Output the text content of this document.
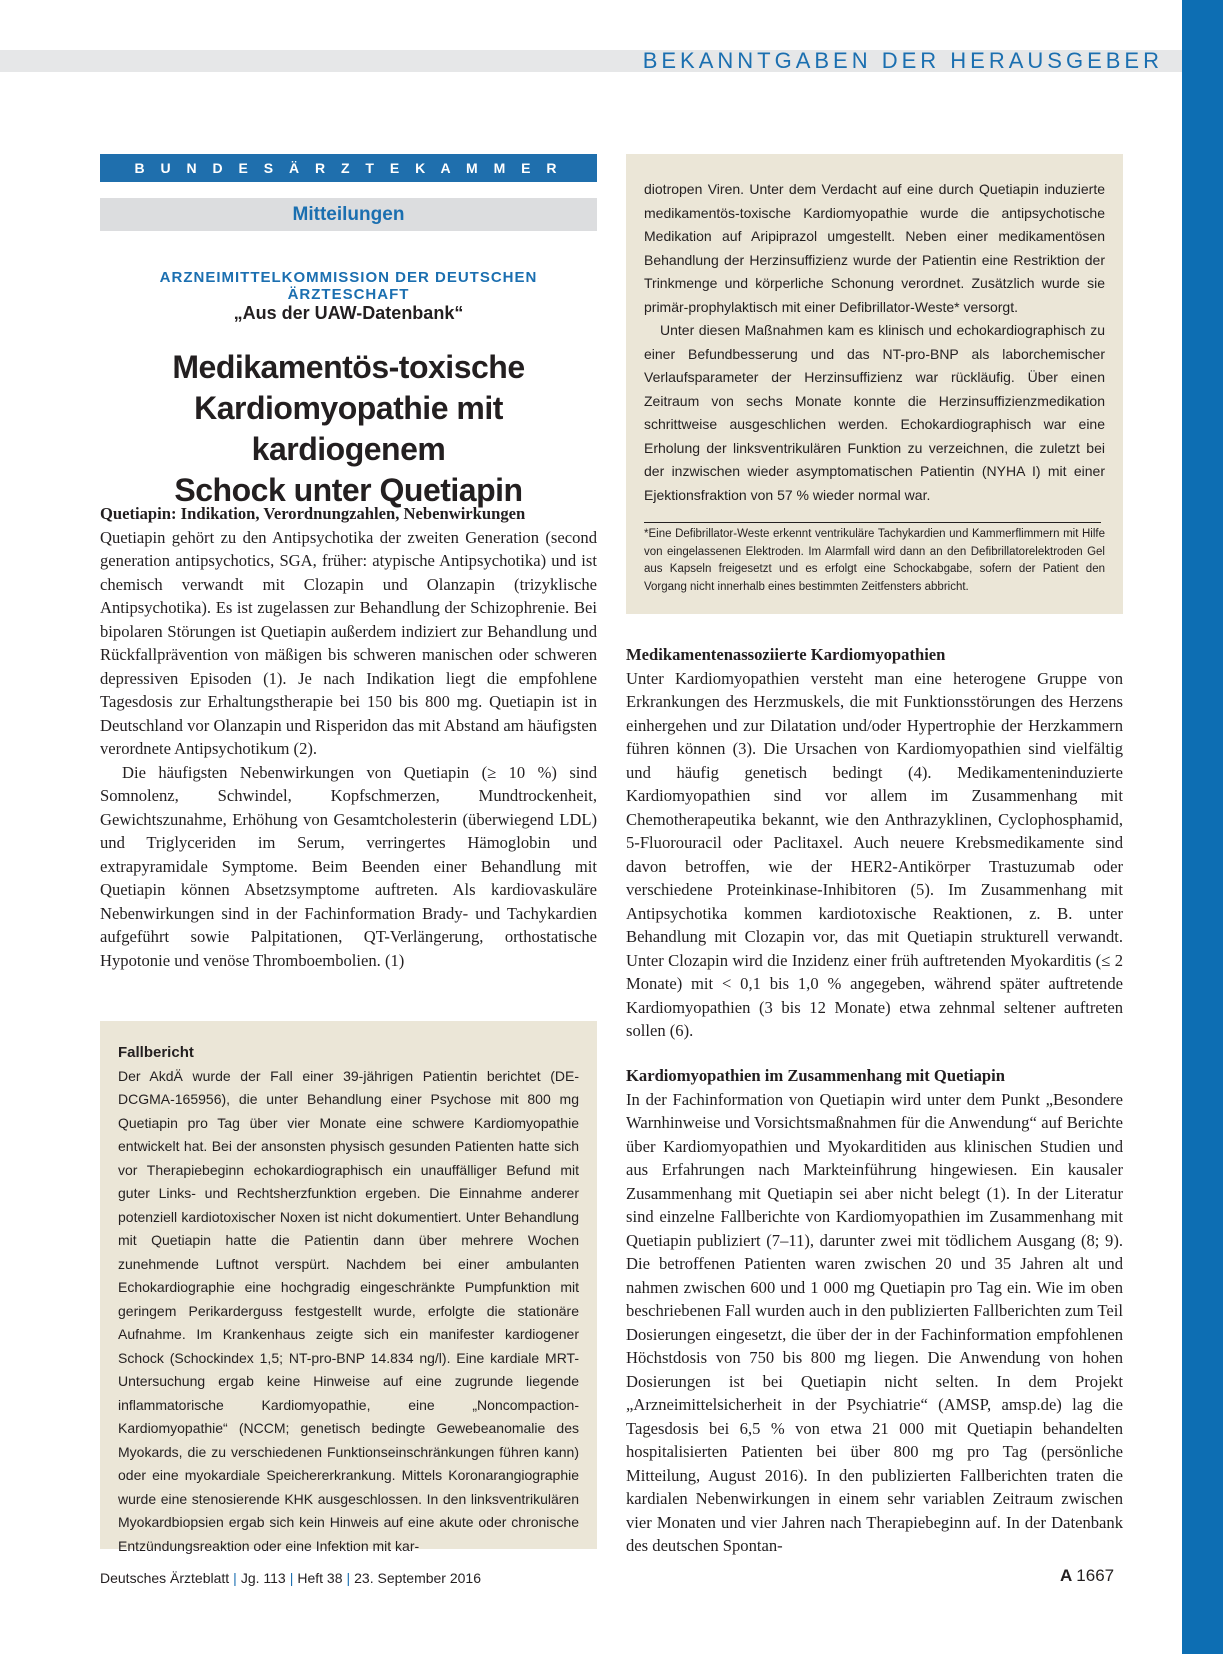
BEKANNTGABEN DER HERAUSGEBER
B U N D E S Ä R Z T E K A M M E R
Mitteilungen
ARZNEIMITTELKOMMISSION DER DEUTSCHEN ÄRZTESCHAFT
„Aus der UAW-Datenbank“
Medikamentös-toxische
Kardiomyopathie mit kardiogenem
Schock unter Quetiapin
Quetiapin: Indikation, Verordnungzahlen, Nebenwirkungen

Quetiapin gehört zu den Antipsychotika der zweiten Generation (second generation antipsychotics, SGA, früher: atypische Antipsychotika) und ist chemisch verwandt mit Clozapin und Olanzapin (trizyklische Antipsychotika). Es ist zugelassen zur Behandlung der Schizophrenie. Bei bipolaren Störungen ist Quetiapin außerdem indiziert zur Behandlung und Rückfallprävention von mäßigen bis schweren manischen oder schweren depressiven Episoden (1). Je nach Indikation liegt die empfohlene Tagesdosis zur Erhaltungstherapie bei 150 bis 800 mg. Quetiapin ist in Deutschland vor Olanzapin und Risperidon das mit Abstand am häufigsten verordnete Antipsychotikum (2).

Die häufigsten Nebenwirkungen von Quetiapin (≥ 10 %) sind Somnolenz, Schwindel, Kopfschmerzen, Mundtrockenheit, Gewichtszunahme, Erhöhung von Gesamtcholesterin (überwiegend LDL) und Triglyceriden im Serum, verringertes Hämoglobin und extrapyramidale Symptome. Beim Beenden einer Behandlung mit Quetiapin können Absetzsymptome auftreten. Als kardiovaskuläre Nebenwirkungen sind in der Fachinformation Brady- und Tachykardien aufgeführt sowie Palpitationen, QT-Verlängerung, orthostatische Hypotonie und venöse Thromboembolien. (1)

Fallbericht

Der AkdÄ wurde der Fall einer 39-jährigen Patientin berichtet (DE-DCGMA-165956), die unter Behandlung einer Psychose mit 800 mg Quetiapin pro Tag über vier Monate eine schwere Kardiomyopathie entwickelt hat. Bei der ansonsten physisch gesunden Patienten hatte sich vor Therapiebeginn echokardiographisch ein unauffälliger Befund mit guter Links- und Rechtsherzfunktion ergeben. Die Einnahme anderer potenziell kardiotoxischer Noxen ist nicht dokumentiert. Unter Behandlung mit Quetiapin hatte die Patientin dann über mehrere Wochen zunehmende Luftnot verspürt. Nachdem bei einer ambulanten Echokardiographie eine hochgradig eingeschränkte Pumpfunktion mit geringem Perikarderguss festgestellt wurde, erfolgte die stationäre Aufnahme. Im Krankenhaus zeigte sich ein manifester kardiogener Schock (Schockindex 1,5; NT-pro-BNP 14.834 ng/l). Eine kardiale MRT-Untersuchung ergab keine Hinweise auf eine zugrunde liegende inflammatorische Kardiomyopathie, eine „Noncompaction-Kardiomyopathie“ (NCCM; genetisch bedingte Gewebeanomalie des Myokards, die zu verschiedenen Funktionseinschränkungen führen kann) oder eine myokardiale Speichererkrankung. Mittels Koronarangiographie wurde eine stenosierende KHK ausgeschlossen. In den linksventrikulären Myokardbiopsien ergab sich kein Hinweis auf eine akute oder chronische Entzündungsreaktion oder eine Infektion mit kar-

diotropen Viren. Unter dem Verdacht auf eine durch Quetiapin induzierte medikamentös-toxische Kardiomyopathie wurde die antipsychotische Medikation auf Aripiprazol umgestellt. Neben einer medikamentösen Behandlung der Herzinsuffizienz wurde der Patientin eine Restriktion der Trinkmenge und körperliche Schonung verordnet. Zusätzlich wurde sie primär-prophylaktisch mit einer Defibrillator-Weste* versorgt.

Unter diesen Maßnahmen kam es klinisch und echokardiographisch zu einer Befundbesserung und das NT-pro-BNP als laborchemischer Verlaufsparameter der Herzinsuffizienz war rückläufig. Über einen Zeitraum von sechs Monate konnte die Herzinsuffizienzmedikation schrittweise ausgeschlichen werden. Echokardiographisch war eine Erholung der linksventrikulären Funktion zu verzeichnen, die zuletzt bei der inzwischen wieder asymptomatischen Patientin (NYHA I) mit einer Ejektionsfraktion von 57 % wieder normal war.

*Eine Defibrillator-Weste erkennt ventrikuläre Tachykardien und Kammerflimmern mit Hilfe von eingelassenen Elektroden. Im Alarmfall wird dann an den Defibrillatorelektroden Gel aus Kapseln freigesetzt und es erfolgt eine Schockabgabe, sofern der Patient den Vorgang nicht innerhalb eines bestimmten Zeitfensters abbricht.
Medikamentenassoziierte Kardiomyopathien

Unter Kardiomyopathien versteht man eine heterogene Gruppe von Erkrankungen des Herzmuskels, die mit Funktionsstörungen des Herzens einhergehen und zur Dilatation und/oder Hypertrophie der Herzkammern führen können (3). Die Ursachen von Kardiomyopathien sind vielfältig und häufig genetisch bedingt (4). Medikamenteninduzierte Kardiomyopathien sind vor allem im Zusammenhang mit Chemotherapeutika bekannt, wie den Anthrazyklinen, Cyclophosphamid, 5-Fluorouracil oder Paclitaxel. Auch neuere Krebsmedikamente sind davon betroffen, wie der HER2-Antikörper Trastuzumab oder verschiedene Proteinkinase-Inhibitoren (5). Im Zusammenhang mit Antipsychotika kommen kardiotoxische Reaktionen, z. B. unter Behandlung mit Clozapin vor, das mit Quetiapin strukturell verwandt. Unter Clozapin wird die Inzidenz einer früh auftretenden Myokarditis (≤ 2 Monate) mit < 0,1 bis 1,0 % angegeben, während später auftretende Kardiomyopathien (3 bis 12 Monate) etwa zehnmal seltener auftreten sollen (6).

Kardiomyopathien im Zusammenhang mit Quetiapin

In der Fachinformation von Quetiapin wird unter dem Punkt „Besondere Warnhinweise und Vorsichtsmaßnahmen für die Anwendung“ auf Berichte über Kardiomyopathien und Myokarditiden aus klinischen Studien und aus Erfahrungen nach Markteinführung hingewiesen. Ein kausaler Zusammenhang mit Quetiapin sei aber nicht belegt (1). In der Literatur sind einzelne Fallberichte von Kardiomyopathien im Zusammenhang mit Quetiapin publiziert (7–11), darunter zwei mit tödlichem Ausgang (8; 9). Die betroffenen Patienten waren zwischen 20 und 35 Jahren alt und nahmen zwischen 600 und 1 000 mg Quetiapin pro Tag ein. Wie im oben beschriebenen Fall wurden auch in den publizierten Fallberichten zum Teil Dosierungen eingesetzt, die über der in der Fachinformation empfohlenen Höchstdosis von 750 bis 800 mg liegen. Die Anwendung von hohen Dosierungen ist bei Quetiapin nicht selten. In dem Projekt „Arzneimittelsicherheit in der Psychiatrie“ (AMSP, amsp.de) lag die Tagesdosis bei 6,5 % von etwa 21 000 mit Quetiapin behandelten hospitalisierten Patienten bei über 800 mg pro Tag (persönliche Mitteilung, August 2016). In den publizierten Fallberichten traten die kardialen Nebenwirkungen in einem sehr variablen Zeitraum zwischen vier Monaten und vier Jahren nach Therapiebeginn auf. In der Datenbank des deutschen Spontan-

Deutsches Ärzteblatt | Jg. 113 | Heft 38 | 23. September 2016	A 1667
